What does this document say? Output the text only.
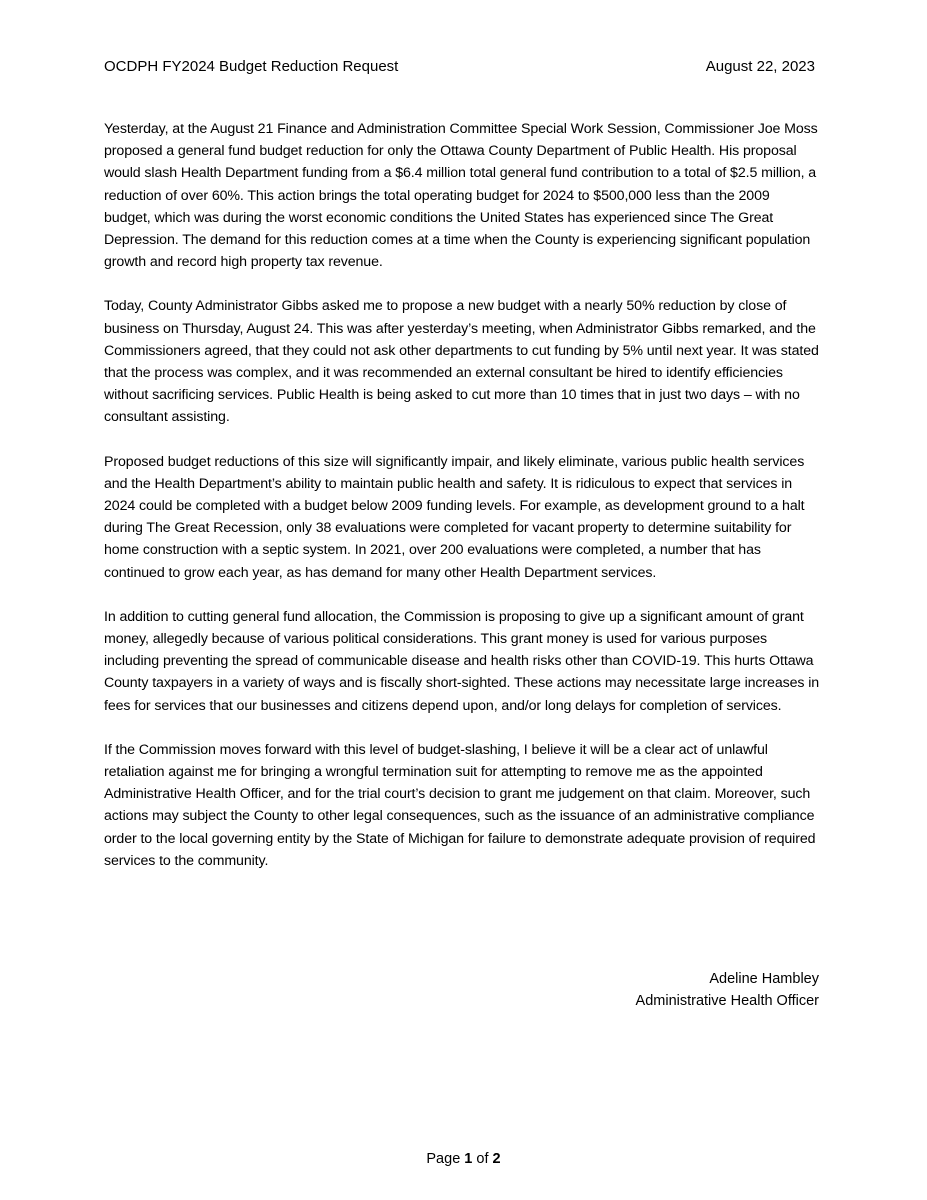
OCDPH FY2024 Budget Reduction Request	August 22, 2023

Yesterday, at the August 21 Finance and Administration Committee Special Work Session, Commissioner Joe Moss proposed a general fund budget reduction for only the Ottawa County Department of Public Health. His proposal would slash Health Department funding from a $6.4 million total general fund contribution to a total of $2.5 million, a reduction of over 60%. This action brings the total operating budget for 2024 to $500,000 less than the 2009 budget, which was during the worst economic conditions the United States has experienced since The Great Depression. The demand for this reduction comes at a time when the County is experiencing significant population growth and record high property tax revenue.

Today, County Administrator Gibbs asked me to propose a new budget with a nearly 50% reduction by close of business on Thursday, August 24. This was after yesterday’s meeting, when Administrator Gibbs remarked, and the Commissioners agreed, that they could not ask other departments to cut funding by 5% until next year. It was stated that the process was complex, and it was recommended an external consultant be hired to identify efficiencies without sacrificing services. Public Health is being asked to cut more than 10 times that in just two days – with no consultant assisting.

Proposed budget reductions of this size will significantly impair, and likely eliminate, various public health services and the Health Department’s ability to maintain public health and safety. It is ridiculous to expect that services in 2024 could be completed with a budget below 2009 funding levels. For example, as development ground to a halt during The Great Recession, only 38 evaluations were completed for vacant property to determine suitability for home construction with a septic system. In 2021, over 200 evaluations were completed, a number that has continued to grow each year, as has demand for many other Health Department services.

In addition to cutting general fund allocation, the Commission is proposing to give up a significant amount of grant money, allegedly because of various political considerations. This grant money is used for various purposes including preventing the spread of communicable disease and health risks other than COVID-19. This hurts Ottawa County taxpayers in a variety of ways and is fiscally short-sighted. These actions may necessitate large increases in fees for services that our businesses and citizens depend upon, and/or long delays for completion of services.

If the Commission moves forward with this level of budget-slashing, I believe it will be a clear act of unlawful retaliation against me for bringing a wrongful termination suit for attempting to remove me as the appointed Administrative Health Officer, and for the trial court’s decision to grant me judgement on that claim. Moreover, such actions may subject the County to other legal consequences, such as the issuance of an administrative compliance order to the local governing entity by the State of Michigan for failure to demonstrate adequate provision of required services to the community.

Adeline Hambley
Administrative Health Officer
Page 1 of 2
